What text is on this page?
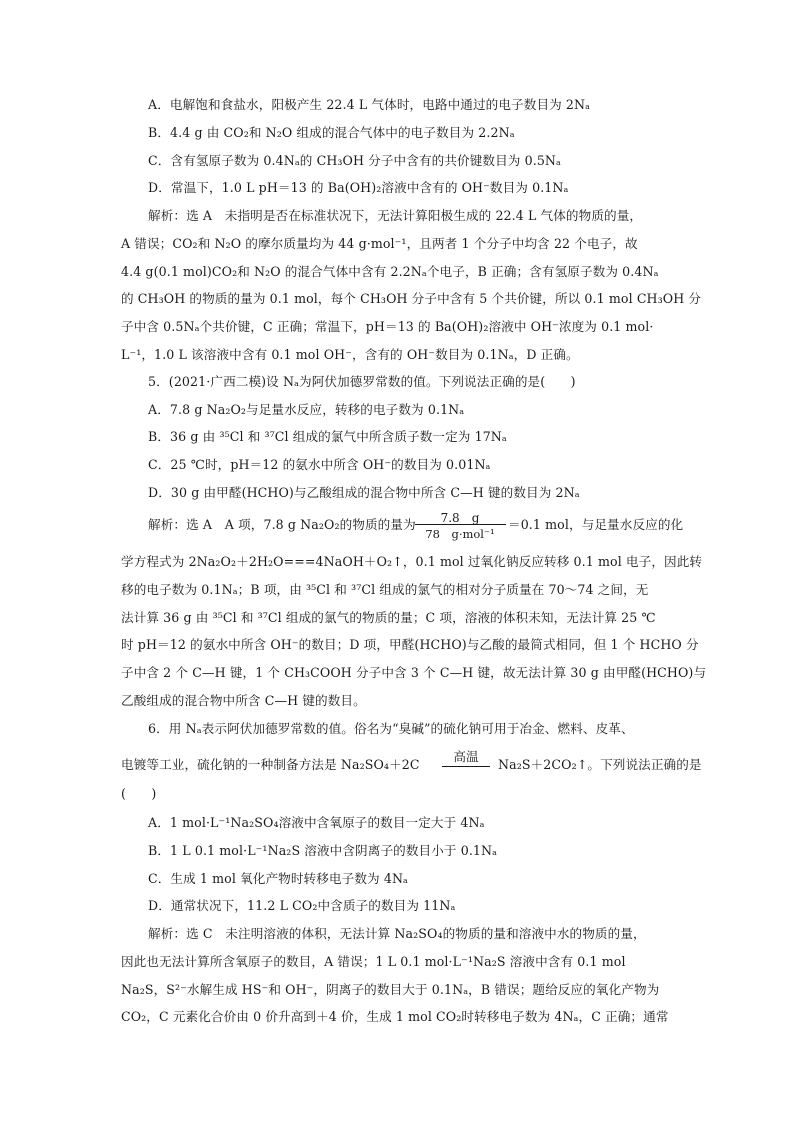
A．电解饱和食盐水，阳极产生 22.4 L 气体时，电路中通过的电子数目为 2Nₐ
B．4.4 g 由 CO₂和 N₂O 组成的混合气体中的电子数目为 2.2Nₐ
C．含有氢原子数为 0.4Nₐ的 CH₃OH 分子中含有的共价键数目为 0.5Nₐ
D．常温下，1.0 L pH＝13 的 Ba(OH)₂溶液中含有的 OH⁻数目为 0.1Nₐ
解析：选 A　未指明是否在标准状况下，无法计算阳极生成的 22.4 L 气体的物质的量，
A 错误；CO₂和 N₂O 的摩尔质量均为 44 g·mol⁻¹，且两者 1 个分子中均含 22 个电子，故
4.4 g(0.1 mol)CO₂和 N₂O 的混合气体中含有 2.2Nₐ个电子，B 正确；含有氢原子数为 0.4Nₐ
的 CH₃OH 的物质的量为 0.1 mol，每个 CH₃OH 分子中含有 5 个共价键，所以 0.1 mol CH₃OH 分
子中含 0.5Nₐ个共价键，C 正确；常温下，pH＝13 的 Ba(OH)₂溶液中 OH⁻浓度为 0.1 mol·
L⁻¹，1.0 L 该溶液中含有 0.1 mol OH⁻，含有的 OH⁻数目为 0.1Nₐ，D 正确。
5．(2021·广西二模)设 Nₐ为阿伏加德罗常数的值。下列说法正确的是(　　)
A．7.8 g Na₂O₂与足量水反应，转移的电子数为 0.1Nₐ
B．36 g 由 ³⁵Cl 和 ³⁷Cl 组成的氯气中所含质子数一定为 17Nₐ
C．25 ℃时，pH＝12 的氨水中所含 OH⁻的数目为 0.01Nₐ
D．30 g 由甲醛(HCHO)与乙酸组成的混合物中所含 C—H 键的数目为 2Nₐ
解析：选 A　A 项，7.8 g Na₂O₂的物质的量为	7.8　g
78　g·mol⁻¹
＝0.1 mol，与足量水反应的化
学方程式为 2Na₂O₂＋2H₂O===4NaOH＋O₂↑，0.1 mol 过氧化钠反应转移 0.1 mol 电子，因此转
移的电子数为 0.1Nₐ；B 项，由 ³⁵Cl 和 ³⁷Cl 组成的氯气的相对分子质量在 70～74 之间，无
法计算 36 g 由 ³⁵Cl 和 ³⁷Cl 组成的氯气的物质的量；C 项，溶液的体积未知，无法计算 25 ℃
时 pH＝12 的氨水中所含 OH⁻的数目；D 项，甲醛(HCHO)与乙酸的最简式相同，但 1 个 HCHO 分
子中含 2 个 C—H 键，1 个 CH₃COOH 分子中含 3 个 C—H 键，故无法计算 30 g 由甲醛(HCHO)与
乙酸组成的混合物中所含 C—H 键的数目。
6．用 Nₐ表示阿伏加德罗常数的值。俗名为“臭碱”的硫化钠可用于冶金、燃料、皮革、
电镀等工业，硫化钠的一种制备方法是 Na₂SO₄＋2C
高温
Na₂S＋2CO₂↑。下列说法正确的是
(　　)
A．1 mol·L⁻¹Na₂SO₄溶液中含氧原子的数目一定大于 4Nₐ
B．1 L 0.1 mol·L⁻¹Na₂S 溶液中含阴离子的数目小于 0.1Nₐ
C．生成 1 mol 氧化产物时转移电子数为 4Nₐ
D．通常状况下，11.2 L CO₂中含质子的数目为 11Nₐ
解析：选 C　未注明溶液的体积，无法计算 Na₂SO₄的物质的量和溶液中水的物质的量，
因此也无法计算所含氧原子的数目，A 错误；1 L 0.1 mol·L⁻¹Na₂S 溶液中含有 0.1 mol
Na₂S，S²⁻水解生成 HS⁻和 OH⁻，阴离子的数目大于 0.1Nₐ，B 错误；题给反应的氧化产物为
CO₂，C 元素化合价由 0 价升高到＋4 价，生成 1 mol CO₂时转移电子数为 4Nₐ，C 正确；通常
